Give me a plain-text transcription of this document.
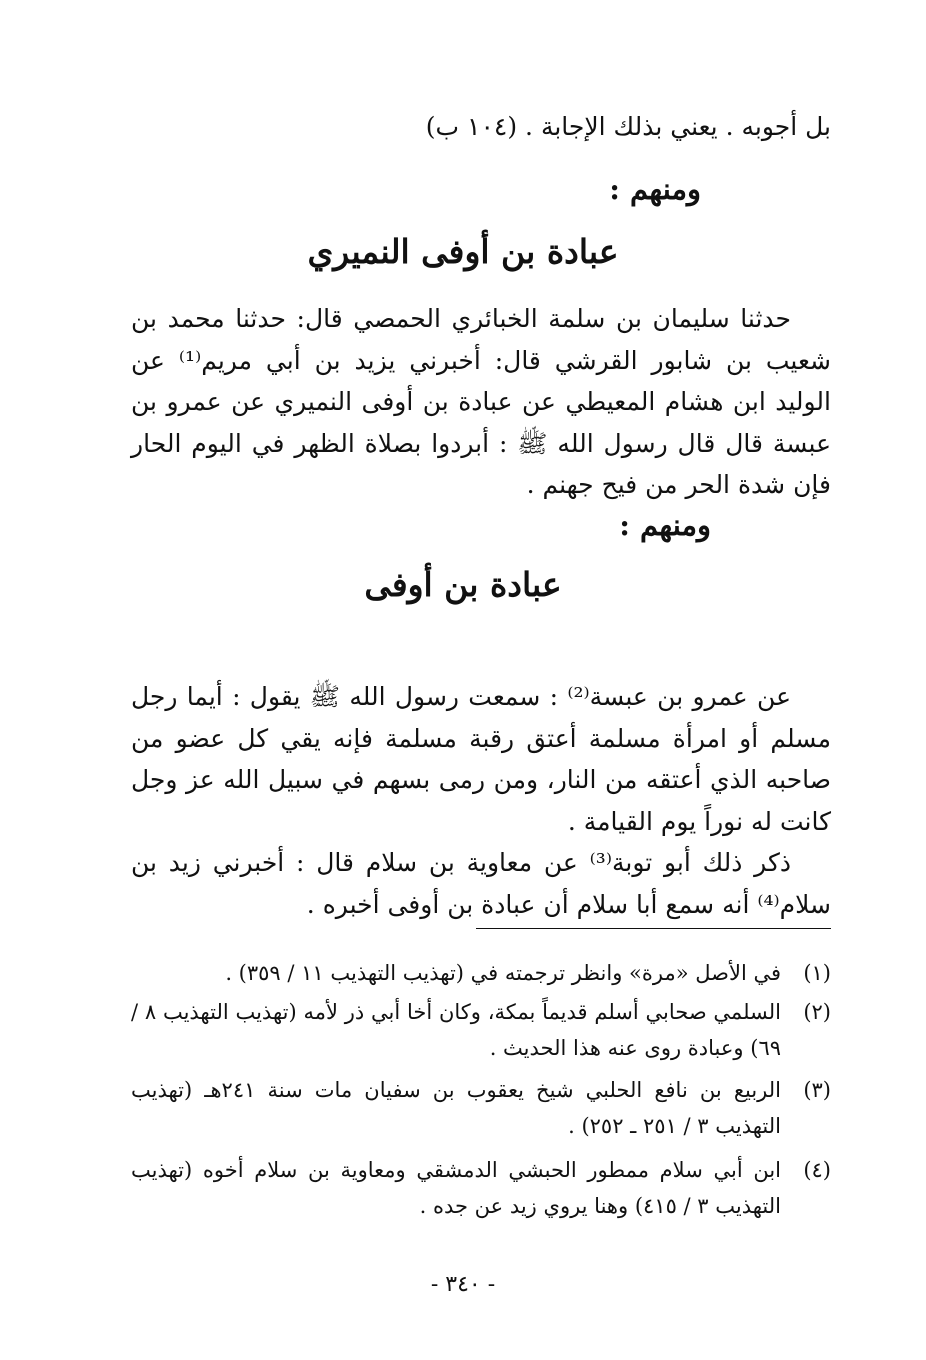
بل أجوبه . يعني بذلك الإجابة . (١٠٤ ب)
ومنهم :
عبادة بن أوفى النميري

حدثنا سليمان بن سلمة الخبائري الحمصي قال: حدثنا محمد بن شعيب بن شابور القرشي قال: أخبرني يزيد بن أبي مريم⁽¹⁾ عن الوليد ابن هشام المعيطي عن عبادة بن أوفى النميري عن عمرو بن عبسة قال قال رسول الله ﷺ : أبردوا بصلاة الظهر في اليوم الحار فإن شدة الحر من فيح جهنم .

ومنهم :
عبادة بن أوفى

عن عمرو بن عبسة⁽²⁾ : سمعت رسول الله ﷺ يقول : أيما رجل مسلم أو امرأة مسلمة أعتق رقبة مسلمة فإنه يقي كل عضو من صاحبه الذي أعتقه من النار، ومن رمى بسهم في سبيل الله عز وجل كانت له نوراً يوم القيامة .

ذكر ذلك أبو توبة⁽³⁾ عن معاوية بن سلام قال : أخبرني زيد بن سلام⁽⁴⁾ أنه سمع أبا سلام أن عبادة بن أوفى أخبره .

(١)
في الأصل «مرة» وانظر ترجمته في (تهذيب التهذيب ١١ / ٣٥٩) .
(٢)
السلمي صحابي أسلم قديماً بمكة، وكان أخا أبي ذر لأمه (تهذيب التهذيب ٨ / ٦٩) وعبادة روى عنه هذا الحديث .
(٣)
الربيع بن نافع الحلبي شيخ يعقوب بن سفيان مات سنة ٢٤١هـ (تهذيب التهذيب ٣ / ٢٥١ ـ ٢٥٢) .
(٤)
ابن أبي سلام ممطور الحبشي الدمشقي ومعاوية بن سلام أخوه (تهذيب التهذيب ٣ / ٤١٥) وهنا يروي زيد عن جده .
- ٣٤٠ -
